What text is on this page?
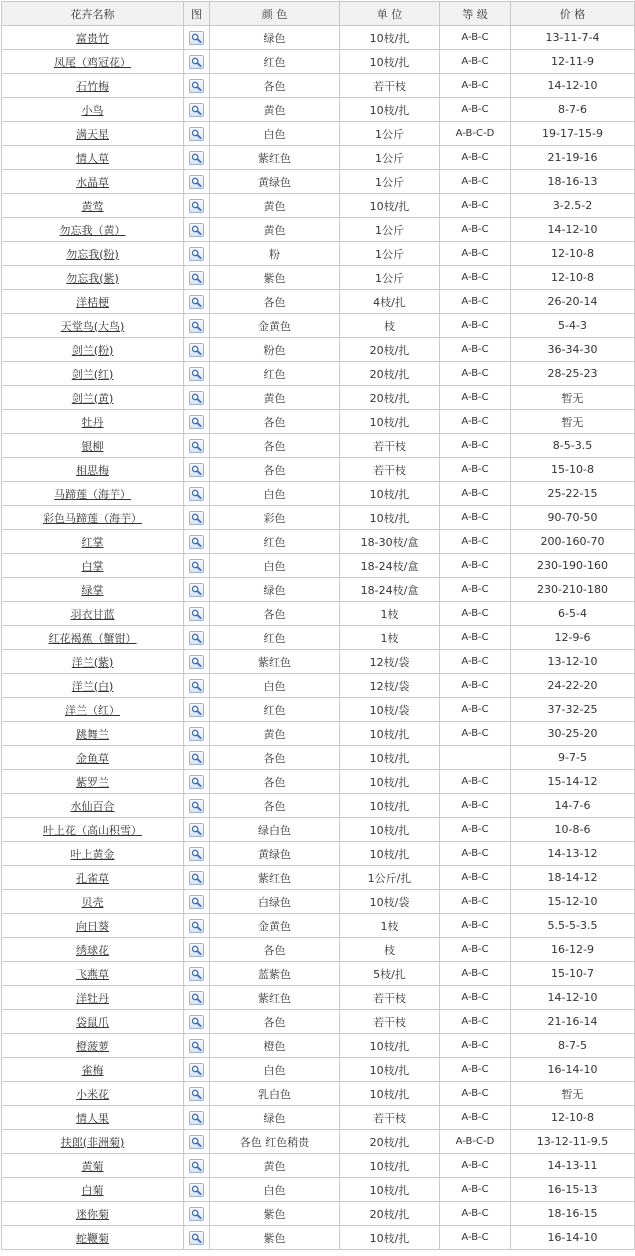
花卉名称	图	颜 色	单 位	等 级	价 格
富贵竹		绿色	10枝/扎	A-B-C	13-11-7-4
凤尾（鸡冠花）		红色	10枝/扎	A-B-C	12-11-9
石竹梅		各色	若干枝	A-B-C	14-12-10
小鸟		黄色	10枝/扎	A-B-C	8-7-6
满天星		白色	1公斤	A-B-C-D	19-17-15-9
情人草		紫红色	1公斤	A-B-C	21-19-16
水晶草		黄绿色	1公斤	A-B-C	18-16-13
黄莺		黄色	10枝/扎	A-B-C	3-2.5-2
勿忘我（黄）		黄色	1公斤	A-B-C	14-12-10
勿忘我(粉)		粉	1公斤	A-B-C	12-10-8
勿忘我(紫)		紫色	1公斤	A-B-C	12-10-8
洋桔梗		各色	4枝/扎	A-B-C	26-20-14
天堂鸟(大鸟)		金黄色	枝	A-B-C	5-4-3
剑兰(粉)		粉色	20枝/扎	A-B-C	36-34-30
剑兰(红)		红色	20枝/扎	A-B-C	28-25-23
剑兰(黄)		黄色	20枝/扎	A-B-C	暂无
牡丹		各色	10枝/扎	A-B-C	暂无
银柳		各色	若干枝	A-B-C	8-5-3.5
相思梅		各色	若干枝	A-B-C	15-10-8
马蹄莲（海芋）		白色	10枝/扎	A-B-C	25-22-15
彩色马蹄莲（海芋）		彩色	10枝/扎	A-B-C	90-70-50
红掌		红色	18-30枝/盒	A-B-C	200-160-70
白掌		白色	18-24枝/盒	A-B-C	230-190-160
绿掌		绿色	18-24枝/盒	A-B-C	230-210-180
羽衣甘蓝		各色	1枝	A-B-C	6-5-4
红花褐蕉（蟹钳）		红色	1枝	A-B-C	12-9-6
洋兰(紫)		紫红色	12枝/袋	A-B-C	13-12-10
洋兰(白)		白色	12枝/袋	A-B-C	24-22-20
洋兰（红）		红色	10枝/袋	A-B-C	37-32-25
跳舞兰		黄色	10枝/扎	A-B-C	30-25-20
金鱼草		各色	10枝/扎		9-7-5
紫罗兰		各色	10枝/扎	A-B-C	15-14-12
水仙百合		各色	10枝/扎	A-B-C	14-7-6
叶上花（高山积雪）		绿白色	10枝/扎	A-B-C	10-8-6
叶上黄金		黄绿色	10枝/扎	A-B-C	14-13-12
孔雀草		紫红色	1公斤/扎	A-B-C	18-14-12
贝壳		白绿色	10枝/袋	A-B-C	15-12-10
向日葵		金黄色	1枝	A-B-C	5.5-5-3.5
绣球花		各色	枝	A-B-C	16-12-9
飞燕草		蓝紫色	5枝/扎	A-B-C	15-10-7
洋牡丹		紫红色	若干枝	A-B-C	14-12-10
袋鼠爪		各色	若干枝	A-B-C	21-16-14
橙菠萝		橙色	10枝/扎	A-B-C	8-7-5
雀梅		白色	10枝/扎	A-B-C	16-14-10
小米花		乳白色	10枝/扎	A-B-C	暂无
情人果		绿色	若干枝	A-B-C	12-10-8
扶郎(非洲菊)		各色 红色稍贵	20枝/扎	A-B-C-D	13-12-11-9.5
黄菊		黄色	10枝/扎	A-B-C	14-13-11
白菊		白色	10枝/扎	A-B-C	16-15-13
迷你菊		紫色	20枝/扎	A-B-C	18-16-15
蛇鞭菊		紫色	10枝/扎	A-B-C	16-14-10
